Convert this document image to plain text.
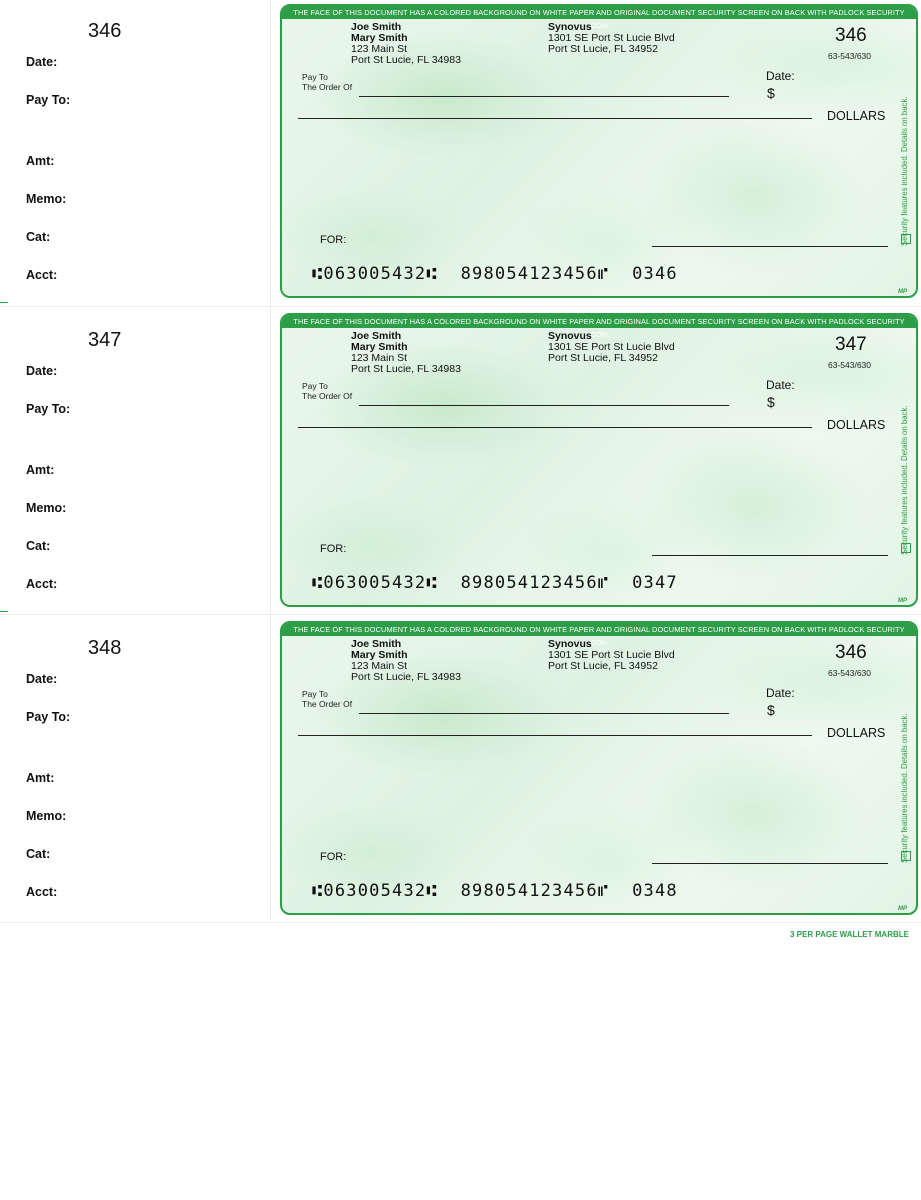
346
Date:
Pay To:
Amt:
Memo:
Cat:
Acct:
THE FACE OF THIS DOCUMENT HAS A COLORED BACKGROUND ON WHITE PAPER AND ORIGINAL DOCUMENT SECURITY SCREEN ON BACK WITH PADLOCK SECURITY ICON.
Joe Smith
Mary Smith
123 Main St
Port St Lucie, FL 34983
Synovus
1301 SE Port St Lucie Blvd
Port St Lucie, FL 34952
346
63-543/630
Pay To
The Order Of
Date:
$
DOLLARS
FOR:
⑆063005432⑆  898054123456⑈  0346
Security features included. Details on back.
MP
347
Date:
Pay To:
Amt:
Memo:
Cat:
Acct:
THE FACE OF THIS DOCUMENT HAS A COLORED BACKGROUND ON WHITE PAPER AND ORIGINAL DOCUMENT SECURITY SCREEN ON BACK WITH PADLOCK SECURITY ICON.
Joe Smith
Mary Smith
123 Main St
Port St Lucie, FL 34983
Synovus
1301 SE Port St Lucie Blvd
Port St Lucie, FL 34952
347
63-543/630
Pay To
The Order Of
Date:
$
DOLLARS
FOR:
⑆063005432⑆  898054123456⑈  0347
Security features included. Details on back.
MP
348
Date:
Pay To:
Amt:
Memo:
Cat:
Acct:
THE FACE OF THIS DOCUMENT HAS A COLORED BACKGROUND ON WHITE PAPER AND ORIGINAL DOCUMENT SECURITY SCREEN ON BACK WITH PADLOCK SECURITY ICON.
Joe Smith
Mary Smith
123 Main St
Port St Lucie, FL 34983
Synovus
1301 SE Port St Lucie Blvd
Port St Lucie, FL 34952
346
63-543/630
Pay To
The Order Of
Date:
$
DOLLARS
FOR:
⑆063005432⑆  898054123456⑈  0348
Security features included. Details on back.
MP
3 PER PAGE WALLET MARBLE
